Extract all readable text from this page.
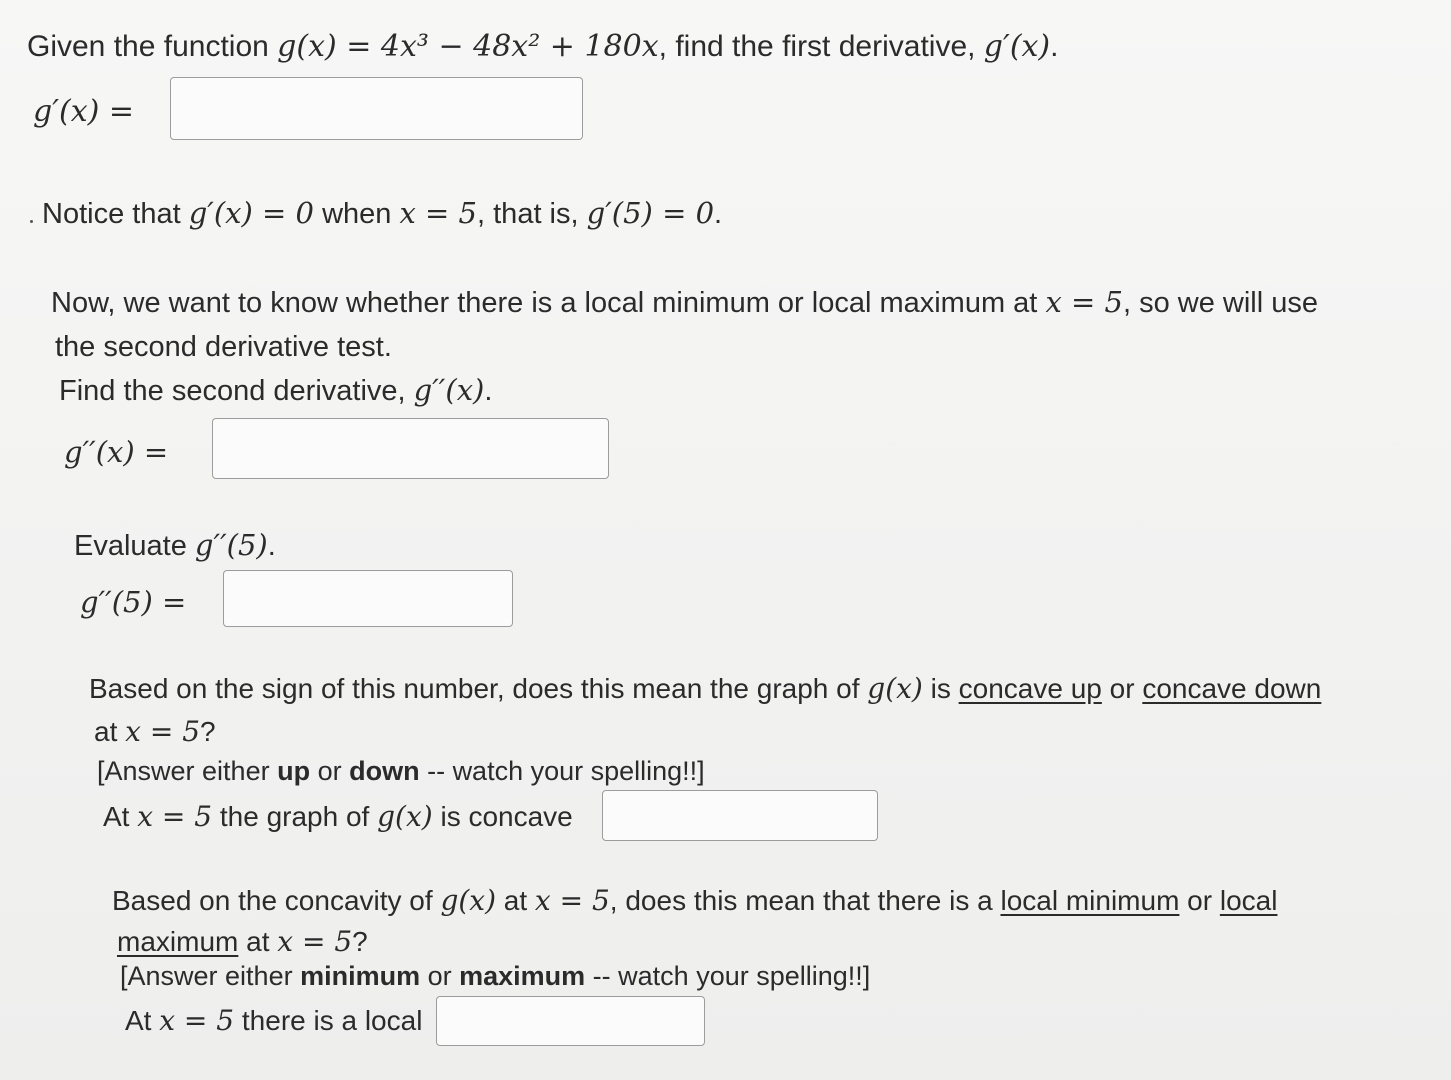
Given the function g(x) = 4x³ − 48x² + 180x, find the first derivative, g′(x).
g′(x) =
Notice that g′(x) = 0 when x = 5, that is, g′(5) = 0.
Now, we want to know whether there is a local minimum or local maximum at x = 5, so we will use
the second derivative test.
Find the second derivative, g′′(x).
g′′(x) =
Evaluate g′′(5).
g′′(5) =
Based on the sign of this number, does this mean the graph of g(x) is concave up or concave down
at x = 5?
[Answer either up or down -- watch your spelling!!]
At x = 5 the graph of g(x) is concave
Based on the concavity of g(x) at x = 5, does this mean that there is a local minimum or local
maximum at x = 5?
[Answer either minimum or maximum -- watch your spelling!!]
At x = 5 there is a local
